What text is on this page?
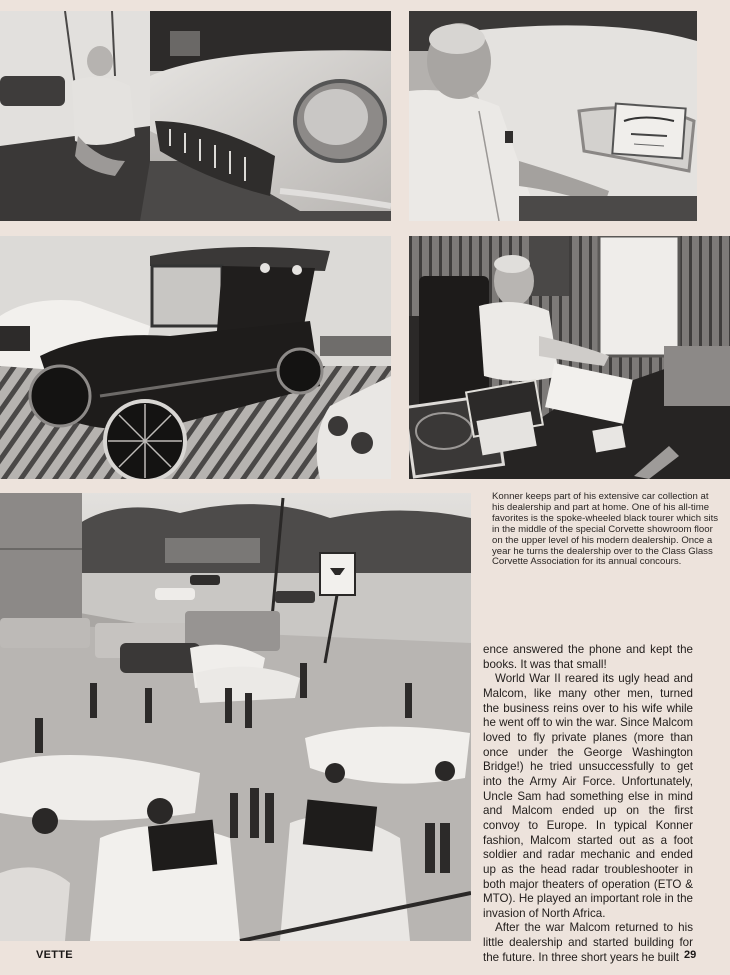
Konner keeps part of his extensive car collection at his dealership and part at home. One of his all-time favorites is the spoke-wheeled black tourer which sits in the middle of the special Corvette showroom floor on the upper level of his modern dealership. Once a year he turns the dealership over to the Class Glass Corvette Association for its annual concours.

ence answered the phone and kept the books. It was that small!

World War II reared its ugly head and Malcom, like many other men, turned the business reins over to his wife while he went off to win the war. Since Malcom loved to fly private planes (more than once under the George Washington Bridge!) he tried unsuccessfully to get into the Army Air Force. Unfortunately, Uncle Sam had something else in mind and Malcom ended up on the first convoy to Europe. In typical Konner fashion, Malcom started out as a foot soldier and radar mechanic and ended up as the head radar troubleshooter in both major theaters of operation (ETO & MTO). He played an important role in the invasion of North Africa.

After the war Malcom returned to his little dealership and started building for the future. In three short years he built

VETTE	29
